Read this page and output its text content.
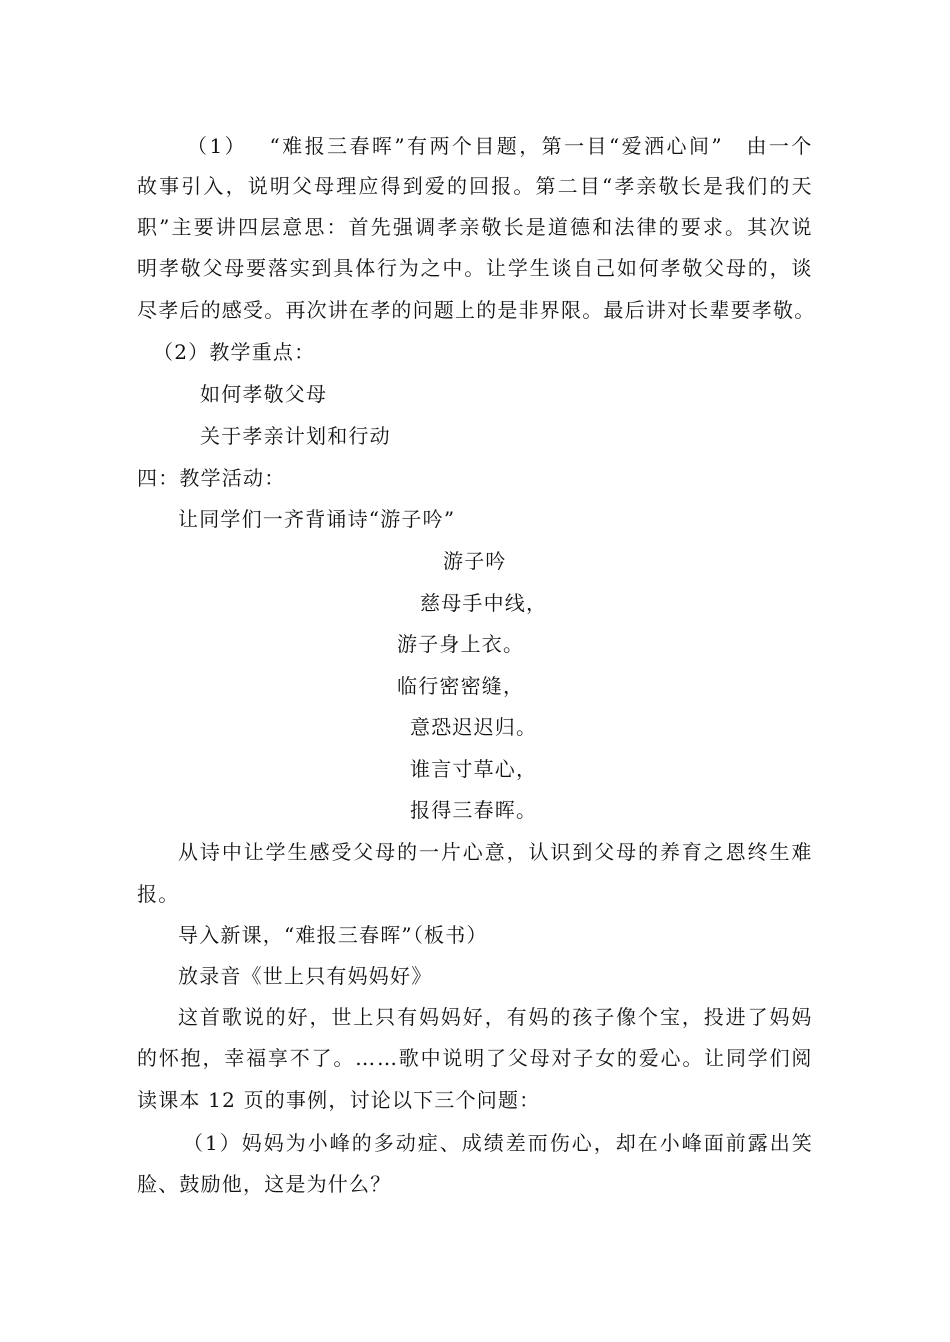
（ 1 ）
　 “ 难 报 三 春 晖 ” 有 两 个 目 题 ， 第 一 目 “ 爱 洒 心 间 ”
　 由 一 个
故 事 引 入 ， 说 明 父 母 理 应 得 到 爱 的 回 报 。 第 二 目 “ 孝 亲 敬 长 是 我 们 的 天
职 ” 主 要 讲 四 层 意 思 ： 首 先 强 调 孝 亲 敬 长 是 道 德 和 法 律 的 要 求 。 其 次 说
明 孝 敬 父 母 要 落 实 到 具 体 行 为 之 中 。 让 学 生 谈 自 己 如 何 孝 敬 父 母 的 ， 谈
尽孝后的感受。再次讲在孝的问题上的是非界限。最后讲对长辈要孝敬。
（2）教学重点：
如何孝敬父母
关于孝亲计划和行动
四：教学活动：
让同学们一齐背诵诗“游子吟”
游子吟
慈母手中线，
游子身上衣。
临行密密缝，
意恐迟迟归。
谁言寸草心，
报得三春晖。
从 诗 中 让 学 生 感 受 父 母 的 一 片 心 意 ， 认 识 到 父 母 的 养 育 之 恩 终 生 难
报。
导入新课，“难报三春晖”（板书）
放录音《世上只有妈妈好》
这 首 歌 说 的 好 ， 世 上 只 有 妈 妈 好 ， 有 妈 的 孩 子 像 个 宝 ， 投 进 了 妈 妈
的 怀 抱 ， 幸 福 享 不 了 。 … … 歌 中 说 明 了 父 母 对 子 女 的 爱 心 。 让 同 学 们 阅
读课本 12 页的事例，讨论以下三个问题：
（ 1 ） 妈 妈 为 小 峰 的 多 动 症 、 成 绩 差 而 伤 心 ， 却 在 小 峰 面 前 露 出 笑
脸、鼓励他，这是为什么？
